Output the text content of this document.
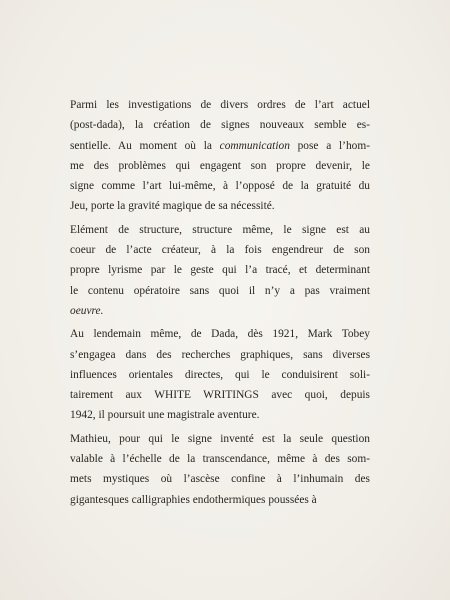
Parmi les investigations de divers ordres de l’art actuel
(post-dada), la création de signes nouveaux semble es-
sentielle. Au moment où la communication pose a l’hom-
me des problèmes qui engagent son propre devenir, le
signe comme l’art lui-même, à l’opposé de la gratuité du
Jeu, porte la gravité magique de sa nécessité.
Elément de structure, structure même, le signe est au
coeur de l’acte créateur, à la fois engendreur de son
propre lyrisme par le geste qui l’a tracé, et determinant
le contenu opératoire sans quoi il n’y a pas vraiment
oeuvre.
Au lendemain même, de Dada, dès 1921, Mark Tobey
s’engagea dans des recherches graphiques, sans diverses
influences orientales directes, qui le conduisirent soli-
tairement aux WHITE WRITINGS avec quoi, depuis
1942, il poursuit une magistrale aventure.
Mathieu, pour qui le signe inventé est la seule question
valable à l’échelle de la transcendance, même à des som-
mets mystiques où l’ascèse confine à l’inhumain des
gigantesques calligraphies endothermiques poussées à
